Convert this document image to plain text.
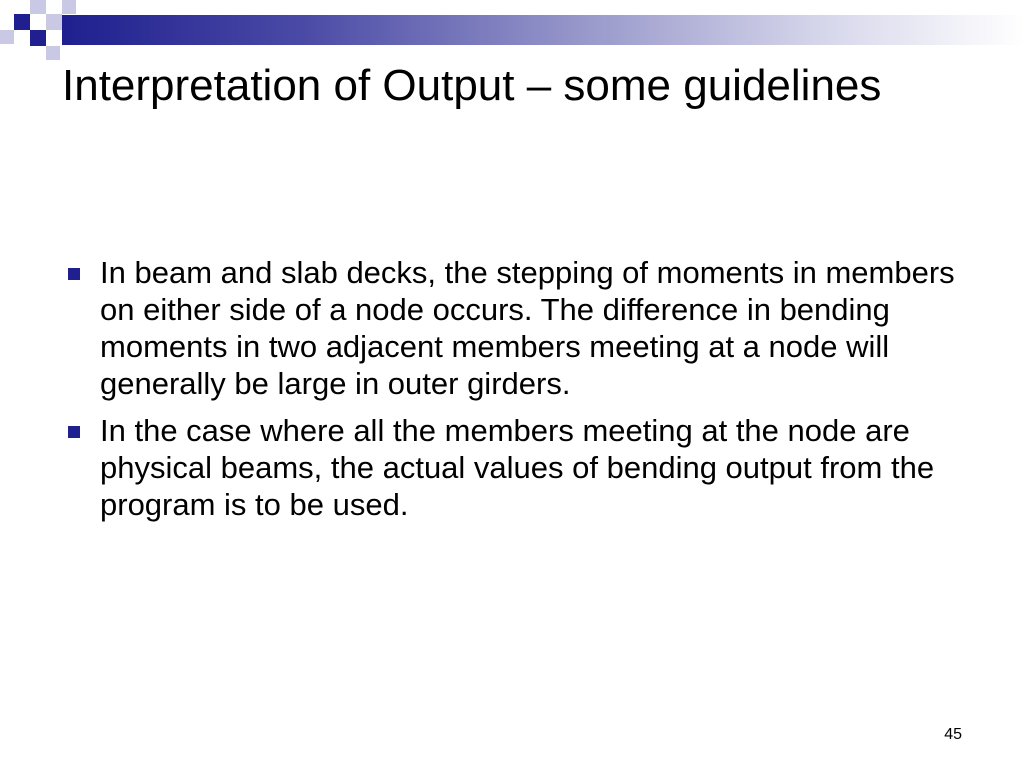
Interpretation of Output – some guidelines
In beam and slab decks, the stepping of moments in members on either side of a node occurs. The difference in bending moments in two adjacent members meeting at a node will generally be large in outer girders.
In the case where all the members meeting at the node are physical beams, the actual values of bending output from the program is to be used.
45
